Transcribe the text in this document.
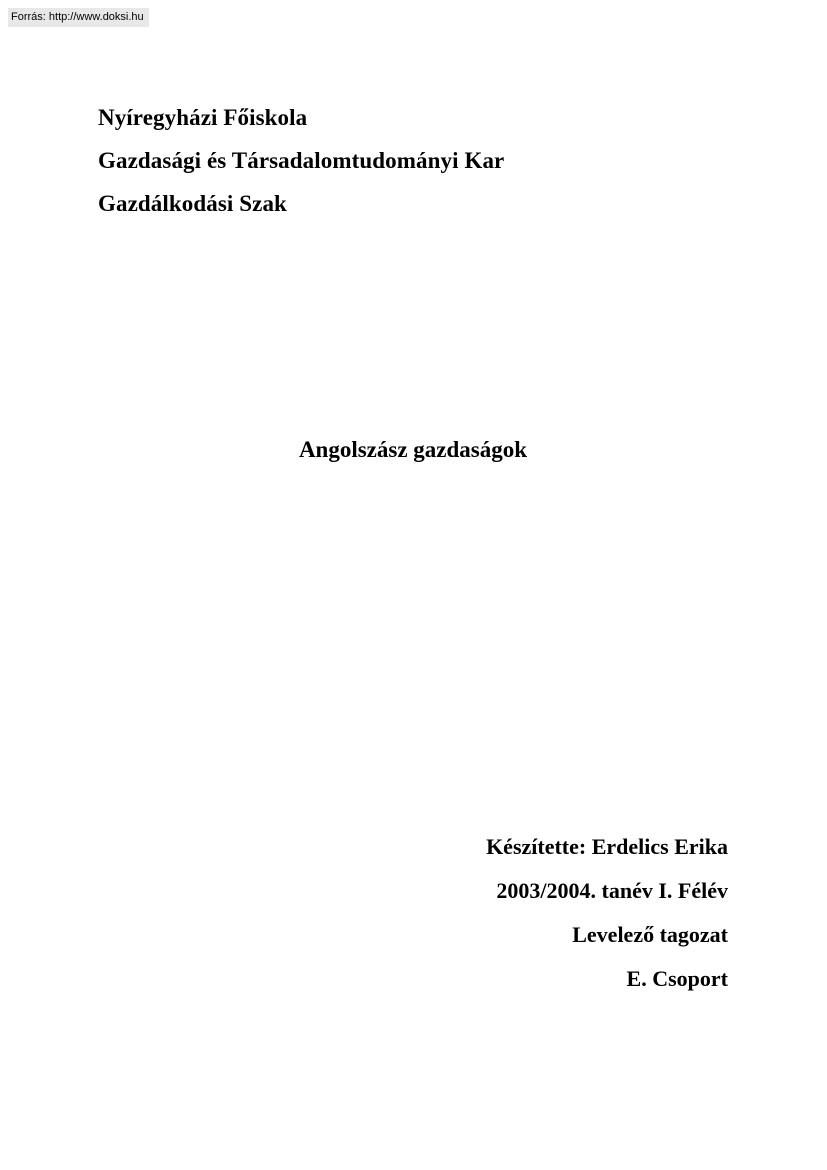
Forrás: http://www.doksi.hu
Nyíregyházi Főiskola
Gazdasági és Társadalomtudományi Kar
Gazdálkodási Szak
Angolszász gazdaságok
Készítette: Erdelics Erika
2003/2004. tanév I. Félév
Levelező tagozat
E. Csoport
